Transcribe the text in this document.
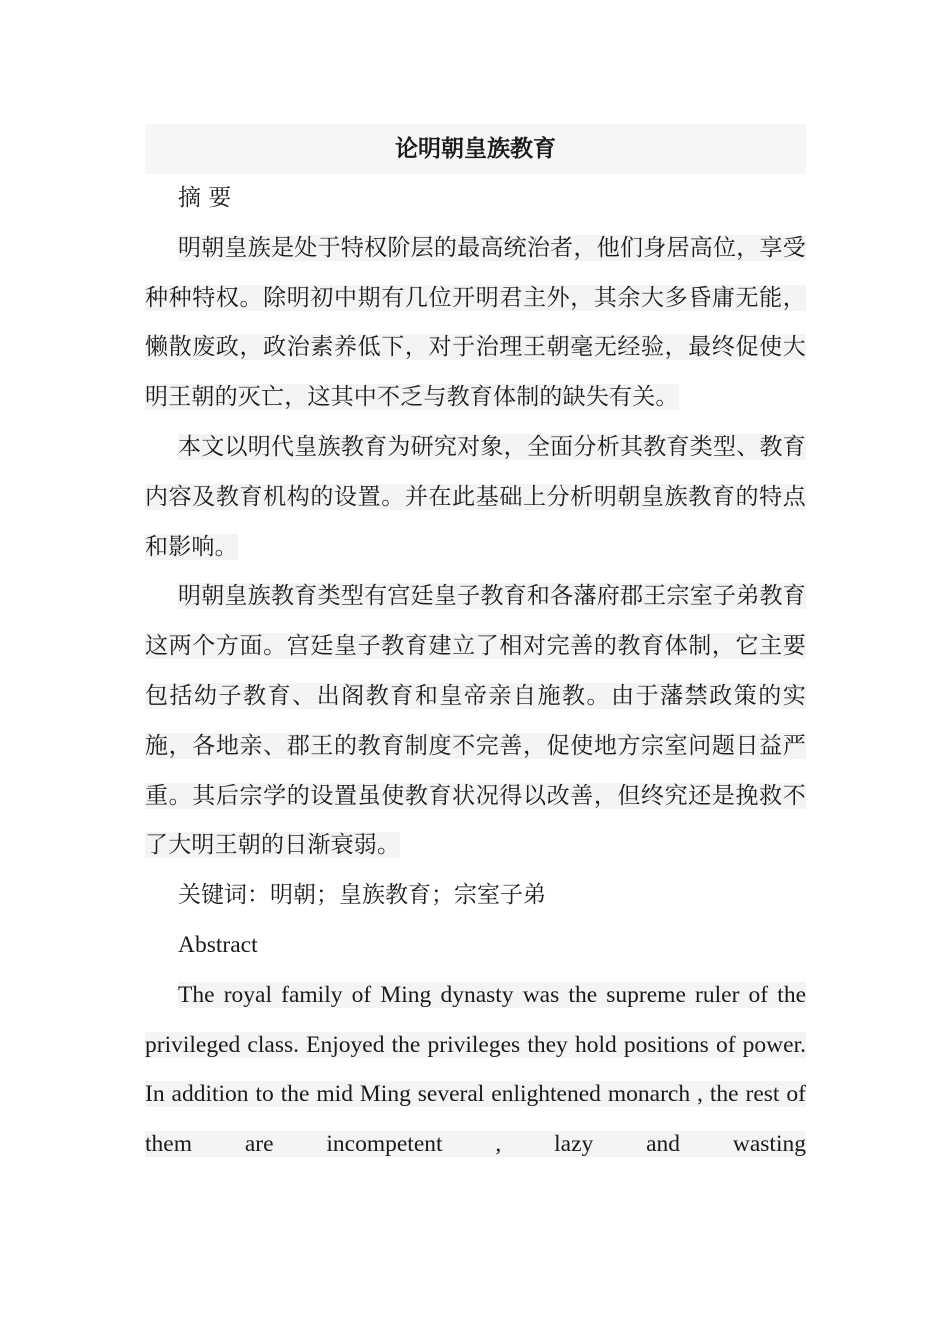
论明朝皇族教育

摘 要

明朝皇族是处于特权阶层的最高统治者，他们身居高位，享受种种特权。除明初中期有几位开明君主外，其余大多昏庸无能，懒散废政，政治素养低下，对于治理王朝毫无经验，最终促使大明王朝的灭亡，这其中不乏与教育体制的缺失有关。

本文以明代皇族教育为研究对象，全面分析其教育类型、教育内容及教育机构的设置。并在此基础上分析明朝皇族教育的特点和影响。

明朝皇族教育类型有宫廷皇子教育和各藩府郡王宗室子弟教育这两个方面。宫廷皇子教育建立了相对完善的教育体制，它主要包括幼子教育、出阁教育和皇帝亲自施教。由于藩禁政策的实施，各地亲、郡王的教育制度不完善，促使地方宗室问题日益严重。其后宗学的设置虽使教育状况得以改善，但终究还是挽救不了大明王朝的日渐衰弱。

关键词：明朝；皇族教育；宗室子弟

Abstract

The royal family of Ming dynasty was the supreme ruler of the privileged class. Enjoyed the privileges they hold positions of power. In addition to the mid Ming several enlightened monarch , the rest of them are incompetent , lazy and wasting
